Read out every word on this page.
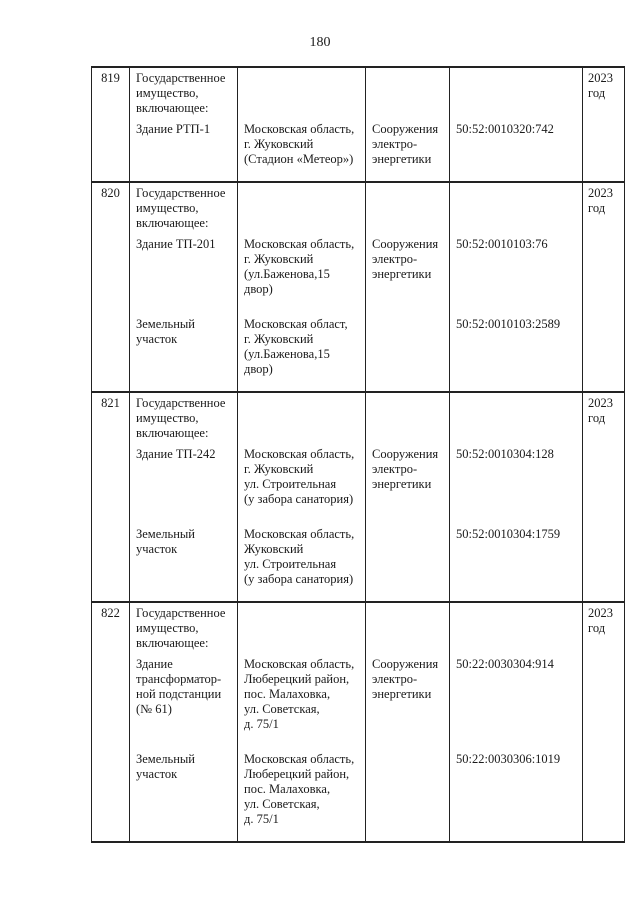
180
819	Государственное
имущество,
включающее:				2023
год

	Здание РТП-1	Московская область,
г. Жуковский
(Стадион «Метеор»)	Сооружения
электро-
энергетики	50:52:0010320:742	
820	Государственное
имущество,
включающее:				2023
год

	Здание ТП-201	Московская область,
г. Жуковский
(ул.Баженова,15
двор)	Сооружения
электро-
энергетики	50:52:0010103:76	

	Земельный
участок	Московская област,
г. Жуковский
(ул.Баженова,15
двор)		50:52:0010103:2589	
821	Государственное
имущество,
включающее:				2023
год

	Здание ТП-242	Московская область,
г. Жуковский
ул. Строительная
(у забора санатория)	Сооружения
электро-
энергетики	50:52:0010304:128	

	Земельный
участок	Московская область,
Жуковский
ул. Строительная
(у забора санатория)		50:52:0010304:1759	
822	Государственное
имущество,
включающее:				2023
год

	Здание
трансформатор-
ной подстанции
(№ 61)	Московская область,
Люберецкий район,
пос. Малаховка,
ул. Советская,
д. 75/1	Сооружения
электро-
энергетики	50:22:0030304:914	

	Земельный
участок	Московская область,
Люберецкий район,
пос. Малаховка,
ул. Советская,
д. 75/1		50:22:0030306:1019	
